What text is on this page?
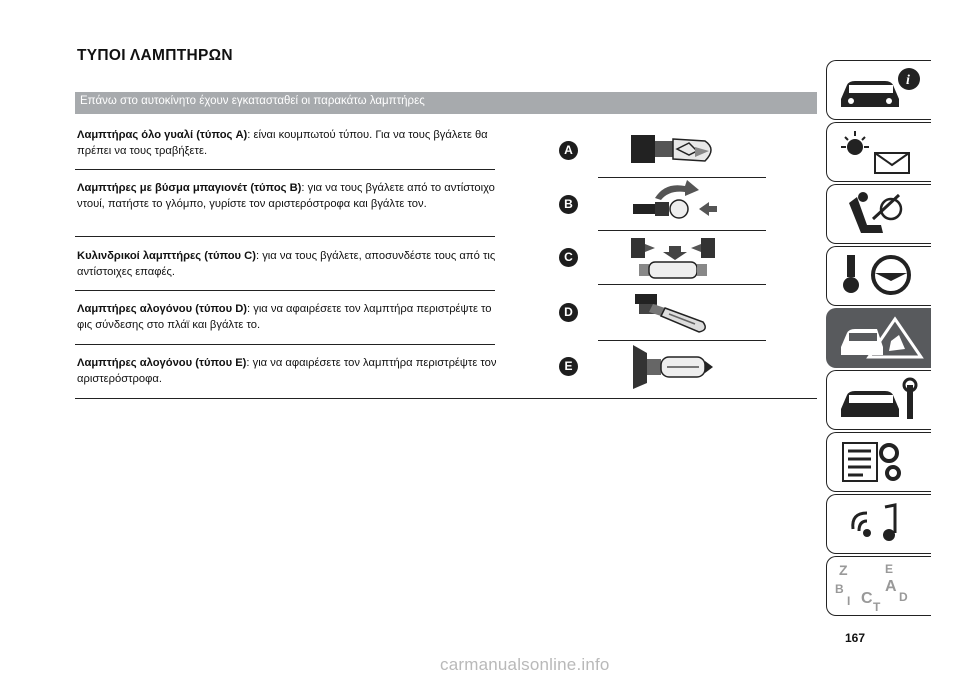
ΤΥΠΟΙ ΛΑΜΠΤΗΡΩΝ
Επάνω στο αυτοκίνητο έχουν εγκατασταθεί οι παρακάτω λαμπτήρες
Λαμπτήρας όλο γυαλί (τύπος A): είναι κουμπωτού τύπου. Για να τους βγάλετε θα πρέπει να τους τραβήξετε.
Λαμπτήρες με βύσμα μπαγιονέτ (τύπος B): για να τους βγάλετε από το αντίστοιχο ντουί, πατήστε το γλόμπο, γυρίστε τον αριστερόστροφα και βγάλτε τον.
Κυλινδρικοί λαμπτήρες (τύπου C): για να τους βγάλετε, αποσυνδέστε τους από τις αντίστοιχες επαφές.
Λαμπτήρες αλογόνου (τύπου D): για να αφαιρέσετε τον λαμπτήρα περιστρέψτε το φις σύνδεσης στο πλάϊ και βγάλτε το.
Λαμπτήρες αλογόνου (τύπου E): για να αφαιρέσετε τον λαμπτήρα περιστρέψτε τον αριστερόστροφα.
A
B
C
D
E
i
Z	E
B	A
C D
I T
167
carmanualsonline.info
